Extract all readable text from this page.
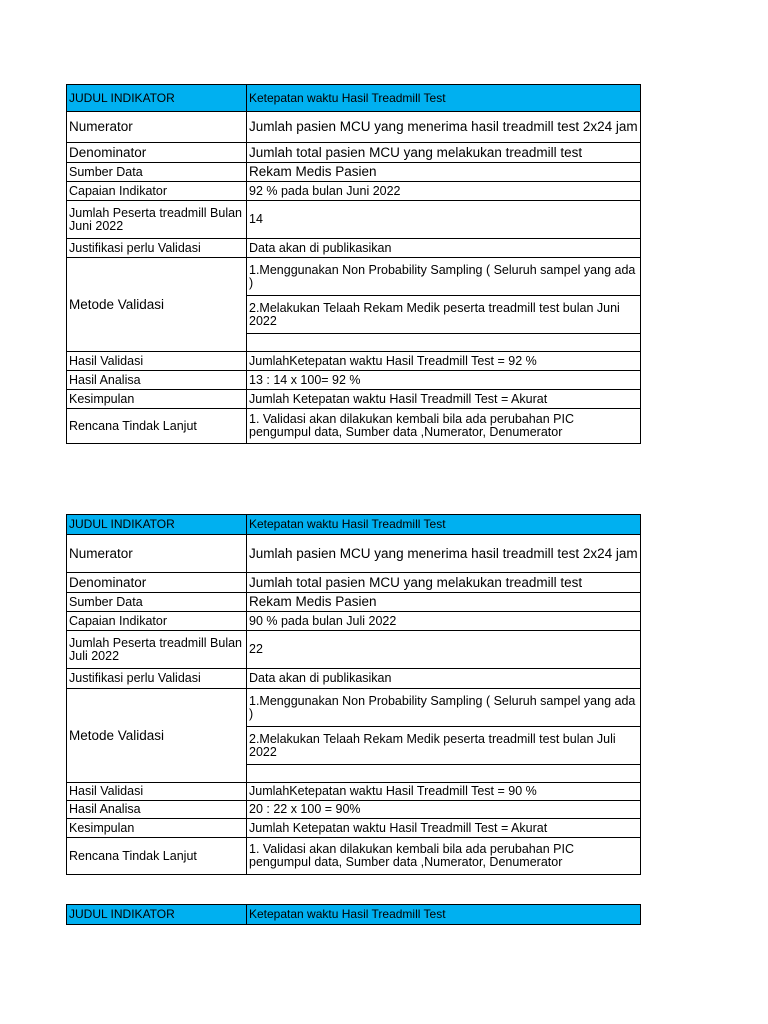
JUDUL INDIKATOR	Ketepatan waktu Hasil Treadmill Test
Numerator	Jumlah pasien MCU yang menerima hasil treadmill test 2x24 jam
Denominator	Jumlah total pasien MCU yang melakukan treadmill test
Sumber Data	Rekam Medis Pasien
Capaian Indikator	92 % pada bulan Juni 2022
Jumlah Peserta treadmill Bulan Juni 2022	14
Justifikasi perlu Validasi	Data akan di publikasikan
Metode Validasi	1.Menggunakan Non Probability Sampling ( Seluruh sampel yang ada )
	2.Melakukan Telaah Rekam Medik peserta treadmill test bulan Juni 2022

Hasil Validasi	JumlahKetepatan waktu Hasil Treadmill Test = 92 %
Hasil Analisa	13 : 14 x 100= 92 %
Kesimpulan	Jumlah Ketepatan waktu Hasil Treadmill Test = Akurat
Rencana Tindak Lanjut	1. Validasi akan dilakukan kembali bila ada perubahan PIC pengumpul data, Sumber data ,Numerator, Denumerator
JUDUL INDIKATOR	Ketepatan waktu Hasil Treadmill Test
Numerator	Jumlah pasien MCU yang menerima hasil treadmill test 2x24 jam
Denominator	Jumlah total pasien MCU yang melakukan treadmill test
Sumber Data	Rekam Medis Pasien
Capaian Indikator	90 % pada bulan Juli 2022
Jumlah Peserta treadmill Bulan Juli 2022	22
Justifikasi perlu Validasi	Data akan di publikasikan
Metode Validasi	1.Menggunakan Non Probability Sampling ( Seluruh sampel yang ada )
	2.Melakukan Telaah Rekam Medik peserta treadmill test bulan Juli 2022

Hasil Validasi	JumlahKetepatan waktu Hasil Treadmill Test = 90 %
Hasil Analisa	20 : 22 x 100 = 90%
Kesimpulan	Jumlah Ketepatan waktu Hasil Treadmill Test = Akurat
Rencana Tindak Lanjut	1. Validasi akan dilakukan kembali bila ada perubahan PIC pengumpul data, Sumber data ,Numerator, Denumerator
JUDUL INDIKATOR	Ketepatan waktu Hasil Treadmill Test
